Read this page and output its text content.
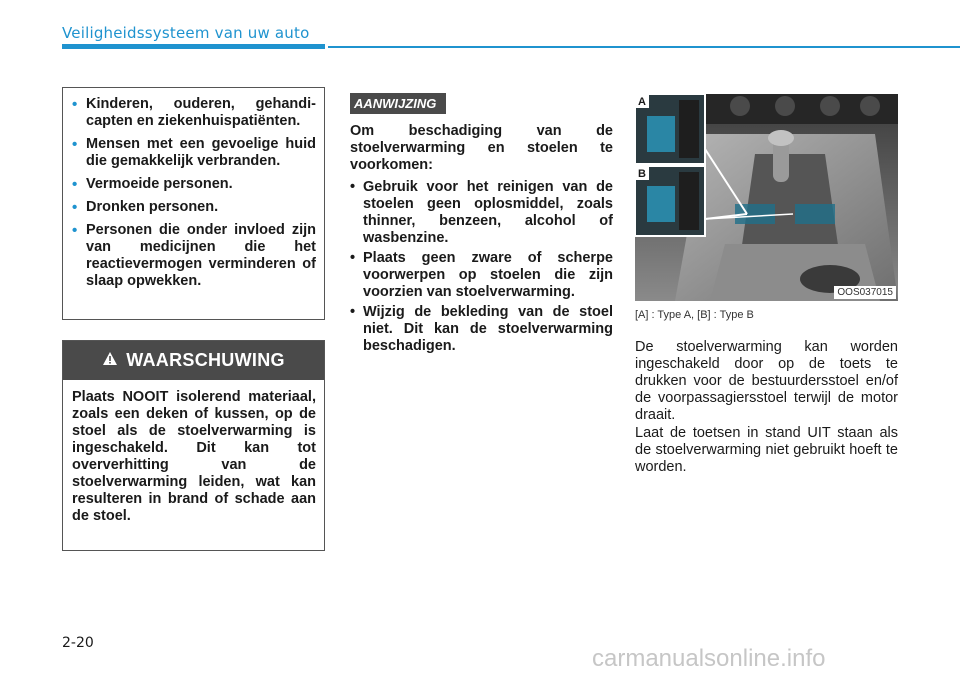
Veiligheidssysteem van uw auto
• Kinderen, ouderen, gehandi-capten en ziekenhuispatiënten.
• Mensen met een gevoelige huid die gemakkelijk verbranden.
• Vermoeide personen.
• Dronken personen.
• Personen die onder invloed zijn van medicijnen die het reactievermogen verminderen of slaap opwekken.
WAARSCHUWING
Plaats NOOIT isolerend materiaal, zoals een deken of kussen, op de stoel als de stoelverwarming is ingeschakeld. Dit kan tot oververhitting van de stoelverwarming leiden, wat kan resulteren in brand of schade aan de stoel.
AANWIJZING
Om beschadiging van de stoelverwarming en stoelen te voorkomen:
• Gebruik voor het reinigen van de stoelen geen oplosmiddel, zoals thinner, benzeen, alcohol of wasbenzine.
• Plaats geen zware of scherpe voorwerpen op stoelen die zijn voorzien van stoelverwarming.
• Wijzig de bekleding van de stoel niet. Dit kan de stoelverwarming beschadigen.
A
B
OOS037015
[A] : Type A, [B] : Type B
De stoelverwarming kan worden ingeschakeld door op de toets te drukken voor de bestuurdersstoel en/of de voorpassagiersstoel terwijl de motor draait.
Laat de toetsen in stand UIT staan als de stoelverwarming niet gebruikt hoeft te worden.
2-20
carmanualsonline.info
